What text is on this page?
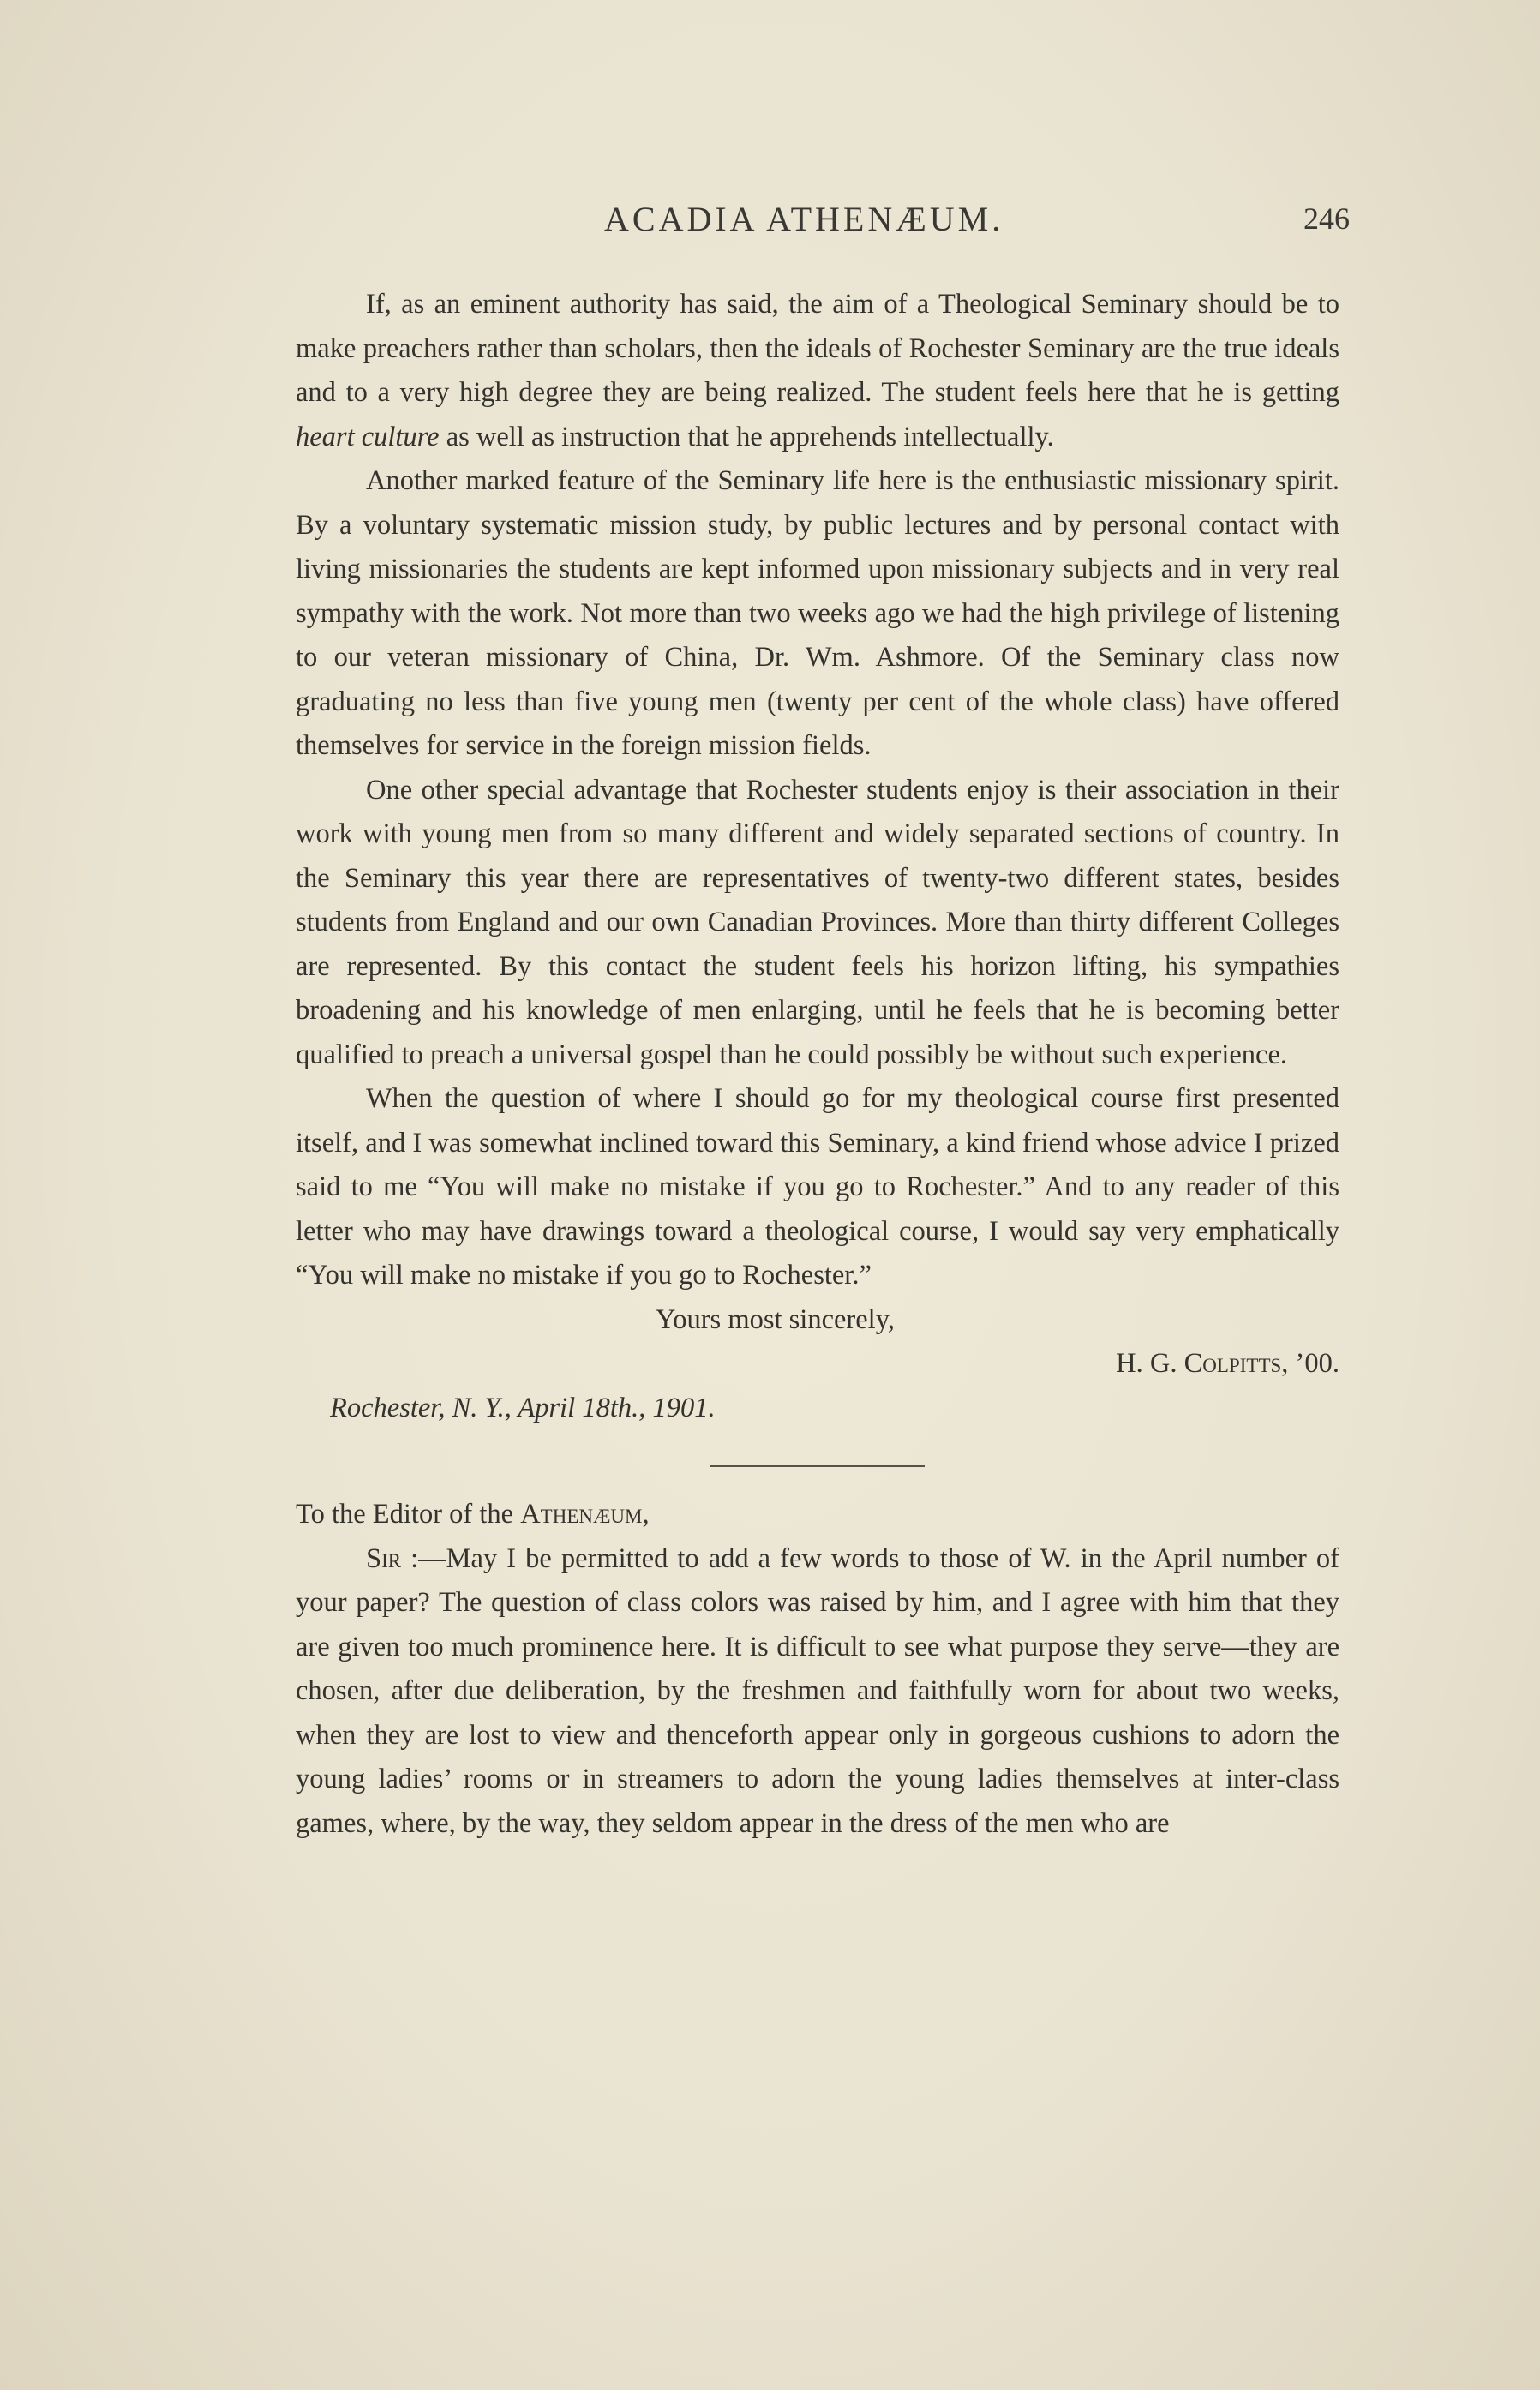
ACADIA ATHENÆUM.	246

If, as an eminent authority has said, the aim of a Theological Seminary should be to make preachers rather than scholars, then the ideals of Rochester Seminary are the true ideals and to a very high degree they are being realized. The student feels here that he is getting heart culture as well as instruction that he apprehends intellectually.

Another marked feature of the Seminary life here is the enthusiastic missionary spirit. By a voluntary systematic mission study, by public lectures and by personal contact with living missionaries the students are kept informed upon missionary subjects and in very real sympathy with the work. Not more than two weeks ago we had the high privilege of listening to our veteran missionary of China, Dr. Wm. Ashmore. Of the Seminary class now graduating no less than five young men (twenty per cent of the whole class) have offered themselves for service in the foreign mission fields.

One other special advantage that Rochester students enjoy is their association in their work with young men from so many different and widely separated sections of country. In the Seminary this year there are representatives of twenty-two different states, besides students from England and our own Canadian Provinces. More than thirty different Colleges are represented. By this contact the student feels his horizon lifting, his sympathies broadening and his knowledge of men enlarging, until he feels that he is becoming better qualified to preach a universal gospel than he could possibly be without such experience.

When the question of where I should go for my theological course first presented itself, and I was somewhat inclined toward this Seminary, a kind friend whose advice I prized said to me “You will make no mistake if you go to Rochester.” And to any reader of this letter who may have drawings toward a theological course, I would say very emphatically “You will make no mistake if you go to Rochester.”

Yours most sincerely,

H. G. Colpitts, ’00.
Rochester, N. Y., April 18th., 1901.

To the Editor of the Athenæum,

Sir :—May I be permitted to add a few words to those of W. in the April number of your paper? The question of class colors was raised by him, and I agree with him that they are given too much prominence here. It is difficult to see what purpose they serve—they are chosen, after due deliberation, by the freshmen and faithfully worn for about two weeks, when they are lost to view and thenceforth appear only in gorgeous cushions to adorn the young ladies’ rooms or in streamers to adorn the young ladies themselves at inter-class games, where, by the way, they seldom appear in the dress of the men who are
